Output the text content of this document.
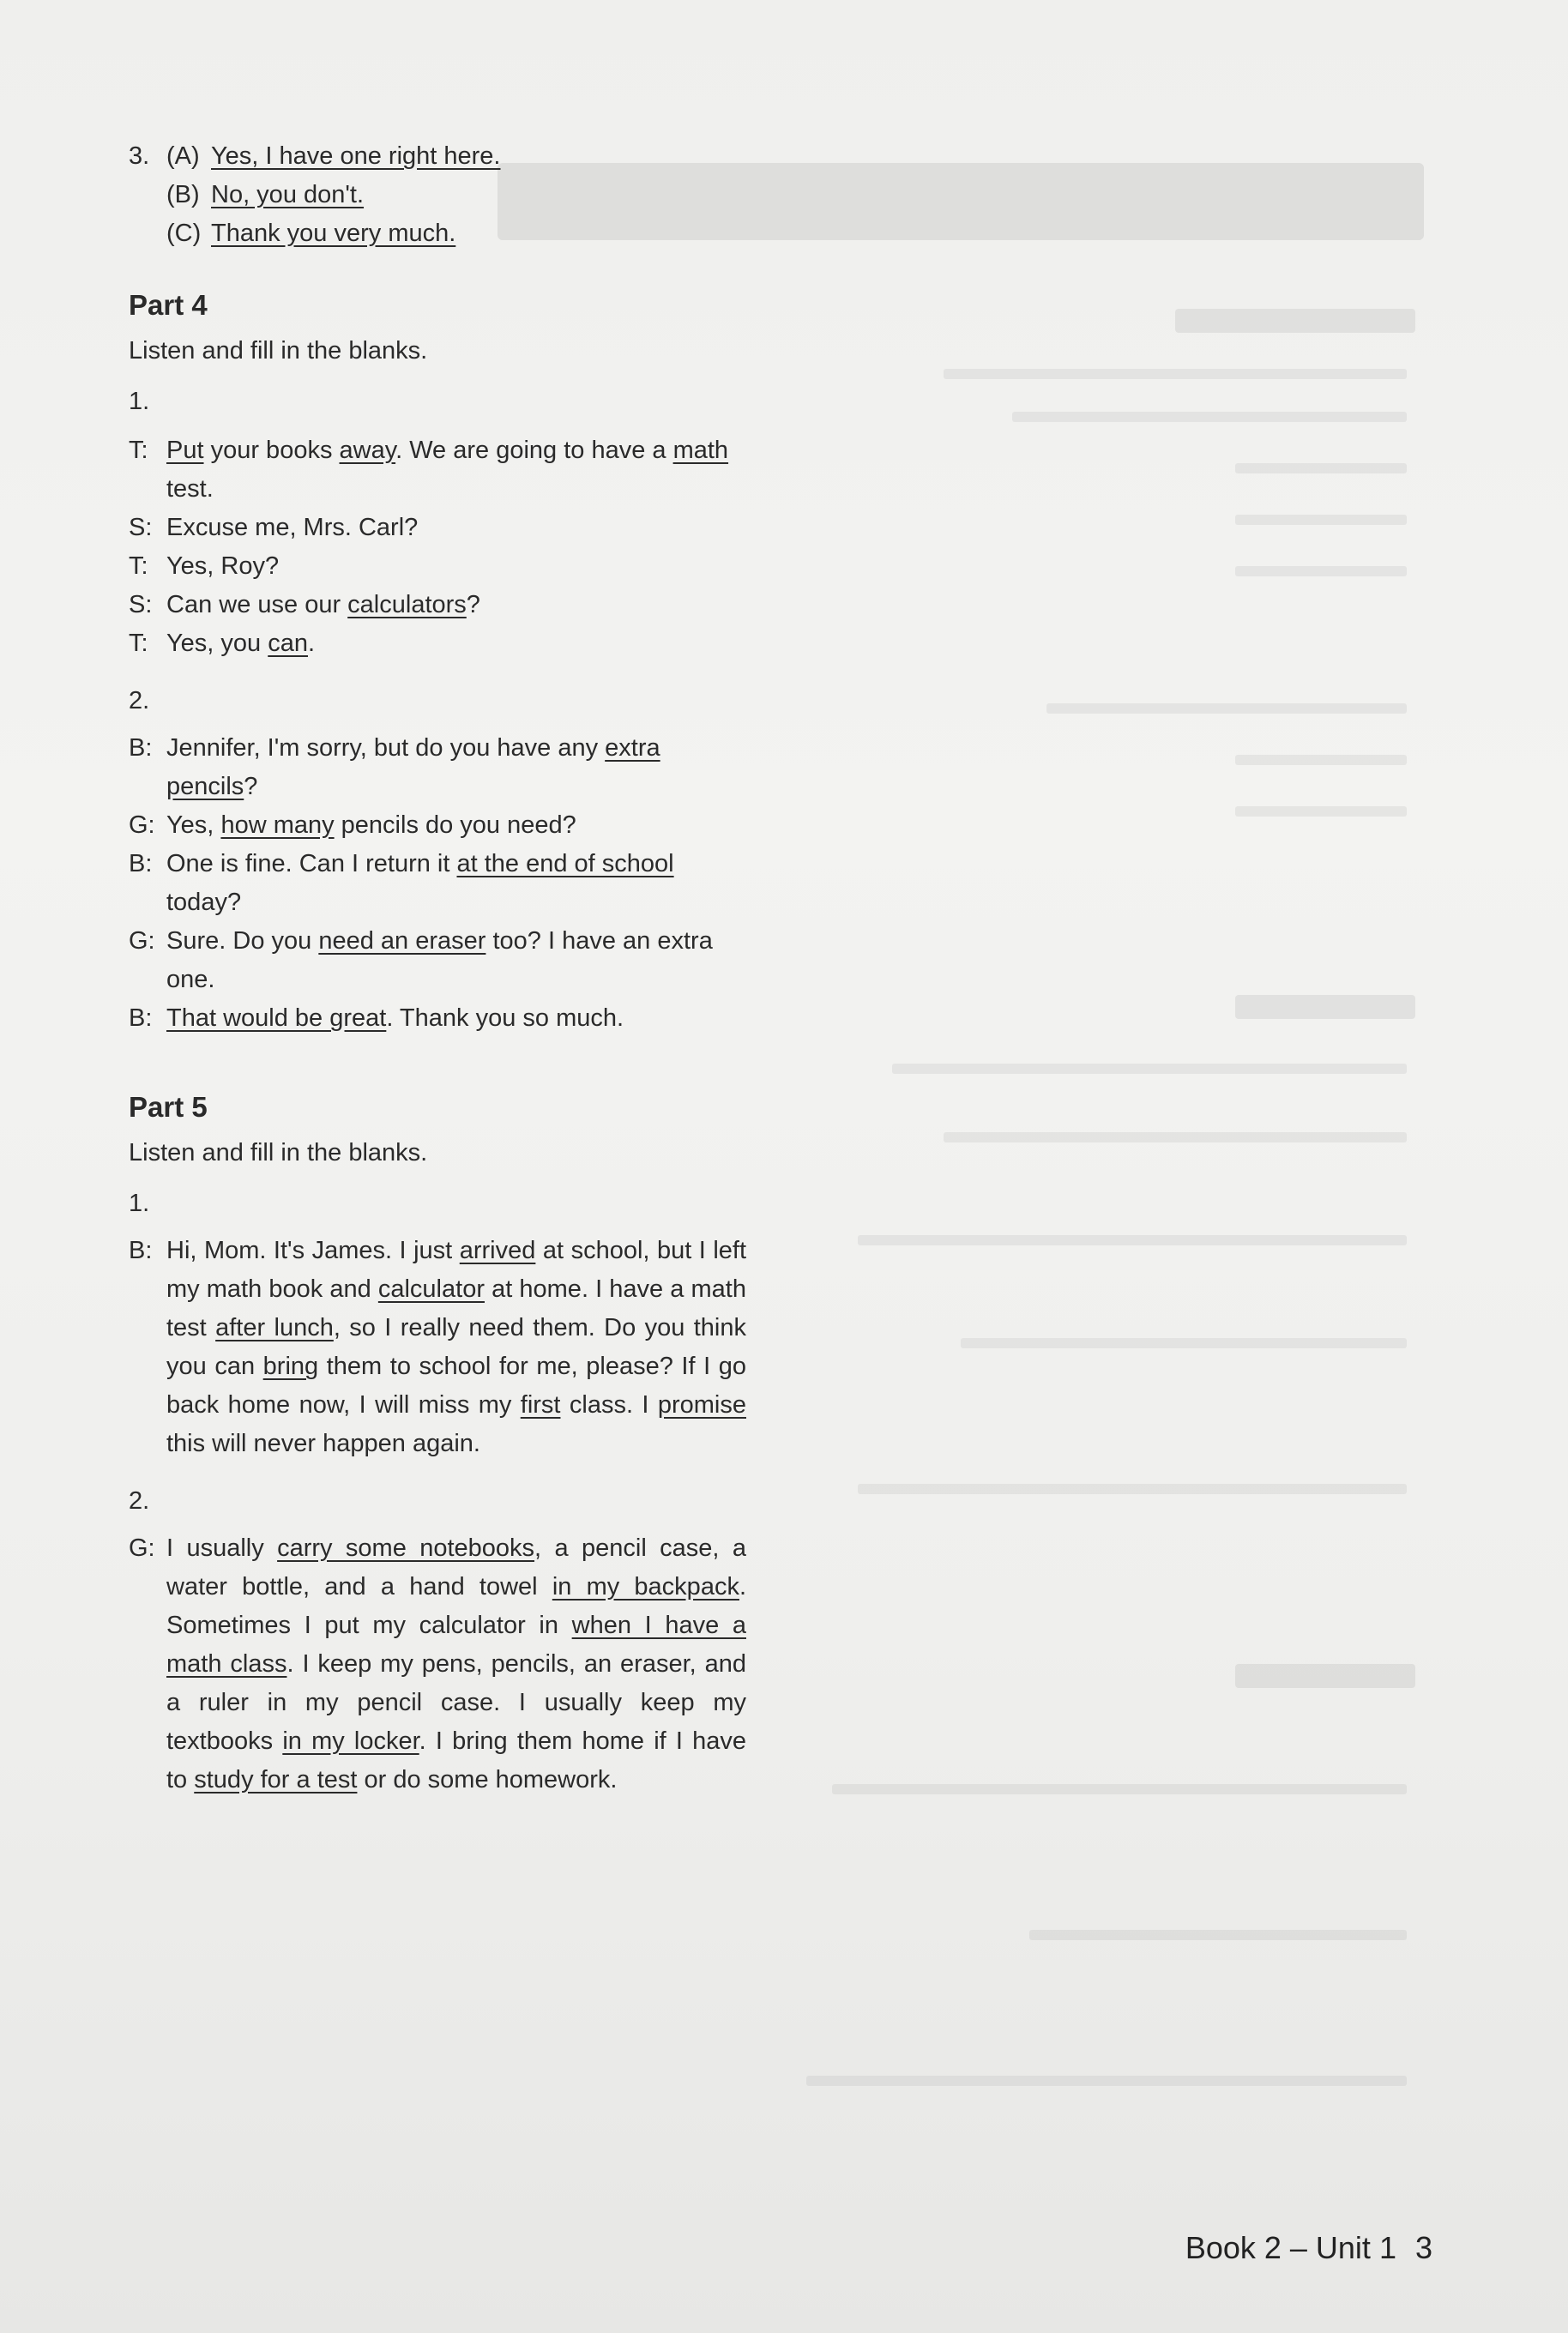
3. (A) Yes, I have one right here.
(B) No, you don't.
(C) Thank you very much.

Part 4

Listen and fill in the blanks.

1.

T: Put your books away. We are going to have a math
test.
S: Excuse me, Mrs. Carl?
T: Yes, Roy?
S: Can we use our calculators?
T: Yes, you can.

2.

B: Jennifer, I'm sorry, but do you have any extra pencils?
G: Yes, how many pencils do you need?
B: One is fine. Can I return it at the end of school
today?
G: Sure. Do you need an eraser too? I have an extra one.
B: That would be great. Thank you so much.

Part 5

Listen and fill in the blanks.

1.

B: Hi, Mom. It's James. I just arrived at school, but I left my math book and calculator at home. I have a math test after lunch, so I really need them. Do you think you can bring them to school for me, please? If I go back home now, I will miss my first class. I promise this will never happen again.

2.

G: I usually carry some notebooks, a pencil case, a water bottle, and a hand towel in my backpack. Sometimes I put my calculator in when I have a math class. I keep my pens, pencils, an eraser, and a ruler in my pencil case. I usually keep my textbooks in my locker. I bring them home if I have to study for a test or do some homework.
Book 2 – Unit 1 3
